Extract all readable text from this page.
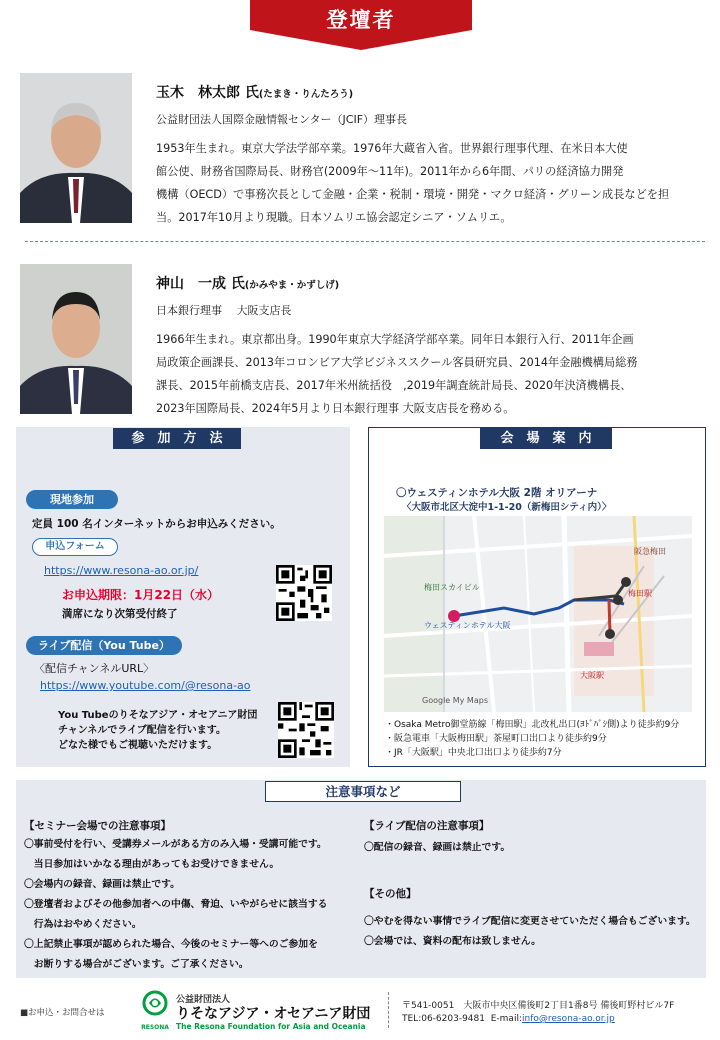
登壇者
玉木　林太郎 氏(たまき・りんたろう)
公益財団法人国際金融情報センター（JCIF）理事長
1953年生まれ。東京大学法学部卒業。1976年大蔵省入省。世界銀行理事代理、在米日本大使
館公使、財務省国際局長、財務官(2009年～11年)。2011年から6年間、パリの経済協力開発
機構（OECD）で事務次長として金融・企業・税制・環境・開発・マクロ経済・グリーン成長などを担
当。2017年10月より現職。日本ソムリエ協会認定シニア・ソムリエ。
神山　一成 氏(かみやま・かずしげ)
日本銀行理事　 大阪支店長
1966年生まれ。東京都出身。1990年東京大学経済学部卒業。同年日本銀行入行、2011年企画
局政策企画課長、2013年コロンビア大学ビジネススクール客員研究員、2014年金融機構局総務
課長、2015年前橋支店長、2017年米州統括役　,2019年調査統計局長、2020年決済機構長、
2023年国際局長、2024年5月より日本銀行理事 大阪支店長を務める。
参　加　方　法
現地参加
定員 100 名インターネットからお申込みください。
申込フォーム
https://www.resona-ao.or.jp/
お申込期限：1月22日（水）
満席になり次第受付終了
ライブ配信（You Tube）
〈配信チャンネルURL〉
https://www.youtube.com/@resona-ao
You Tubeのりそなアジア・オセアニア財団
チャンネルでライブ配信を行います。
どなた様でもご視聴いただけます。
会　場　案　内
〇ウェスティンホテル大阪 2階 オリアーナ
〈大阪市北区大淀中1-1-20（新梅田シティ内）〉
梅田スカイビル
大阪駅
梅田駅
阪急梅田
ウェスティンホテル大阪
Google My Maps
・Osaka Metro御堂筋線「梅田駅」北改札出口(ﾖﾄﾞﾊﾞｼ側)より徒歩約9分
・阪急電車「大阪梅田駅」茶屋町口出口より徒歩約9分
・JR「大阪駅」中央北口出口より徒歩約7分
注意事項など
【セミナー会場での注意事項】
〇事前受付を行い、受講券メールがある方のみ入場・受講可能です。
　当日参加はいかなる理由があってもお受けできません。
〇会場内の録音、録画は禁止です。
〇登壇者およびその他参加者への中傷、脅迫、いやがらせに該当する
　行為はおやめください。
〇上記禁止事項が認められた場合、今後のセミナー等へのご参加を
　お断りする場合がございます。ご了承ください。
【ライブ配信の注意事項】
〇配信の録音、録画は禁止です。
【その他】
〇やむを得ない事情でライブ配信に変更させていただく場合もございます。
〇会場では、資料の配布は致しません。
■お申込・お問合せは
RESONA
公益財団法人
りそなアジア・オセアニア財団
The Resona Foundation for Asia and Oceania
〒541-0051　大阪市中央区備後町2丁目1番8号 備後町野村ビル7F
TEL:06-6203-9481 E-mail:info@resona-ao.or.jp
